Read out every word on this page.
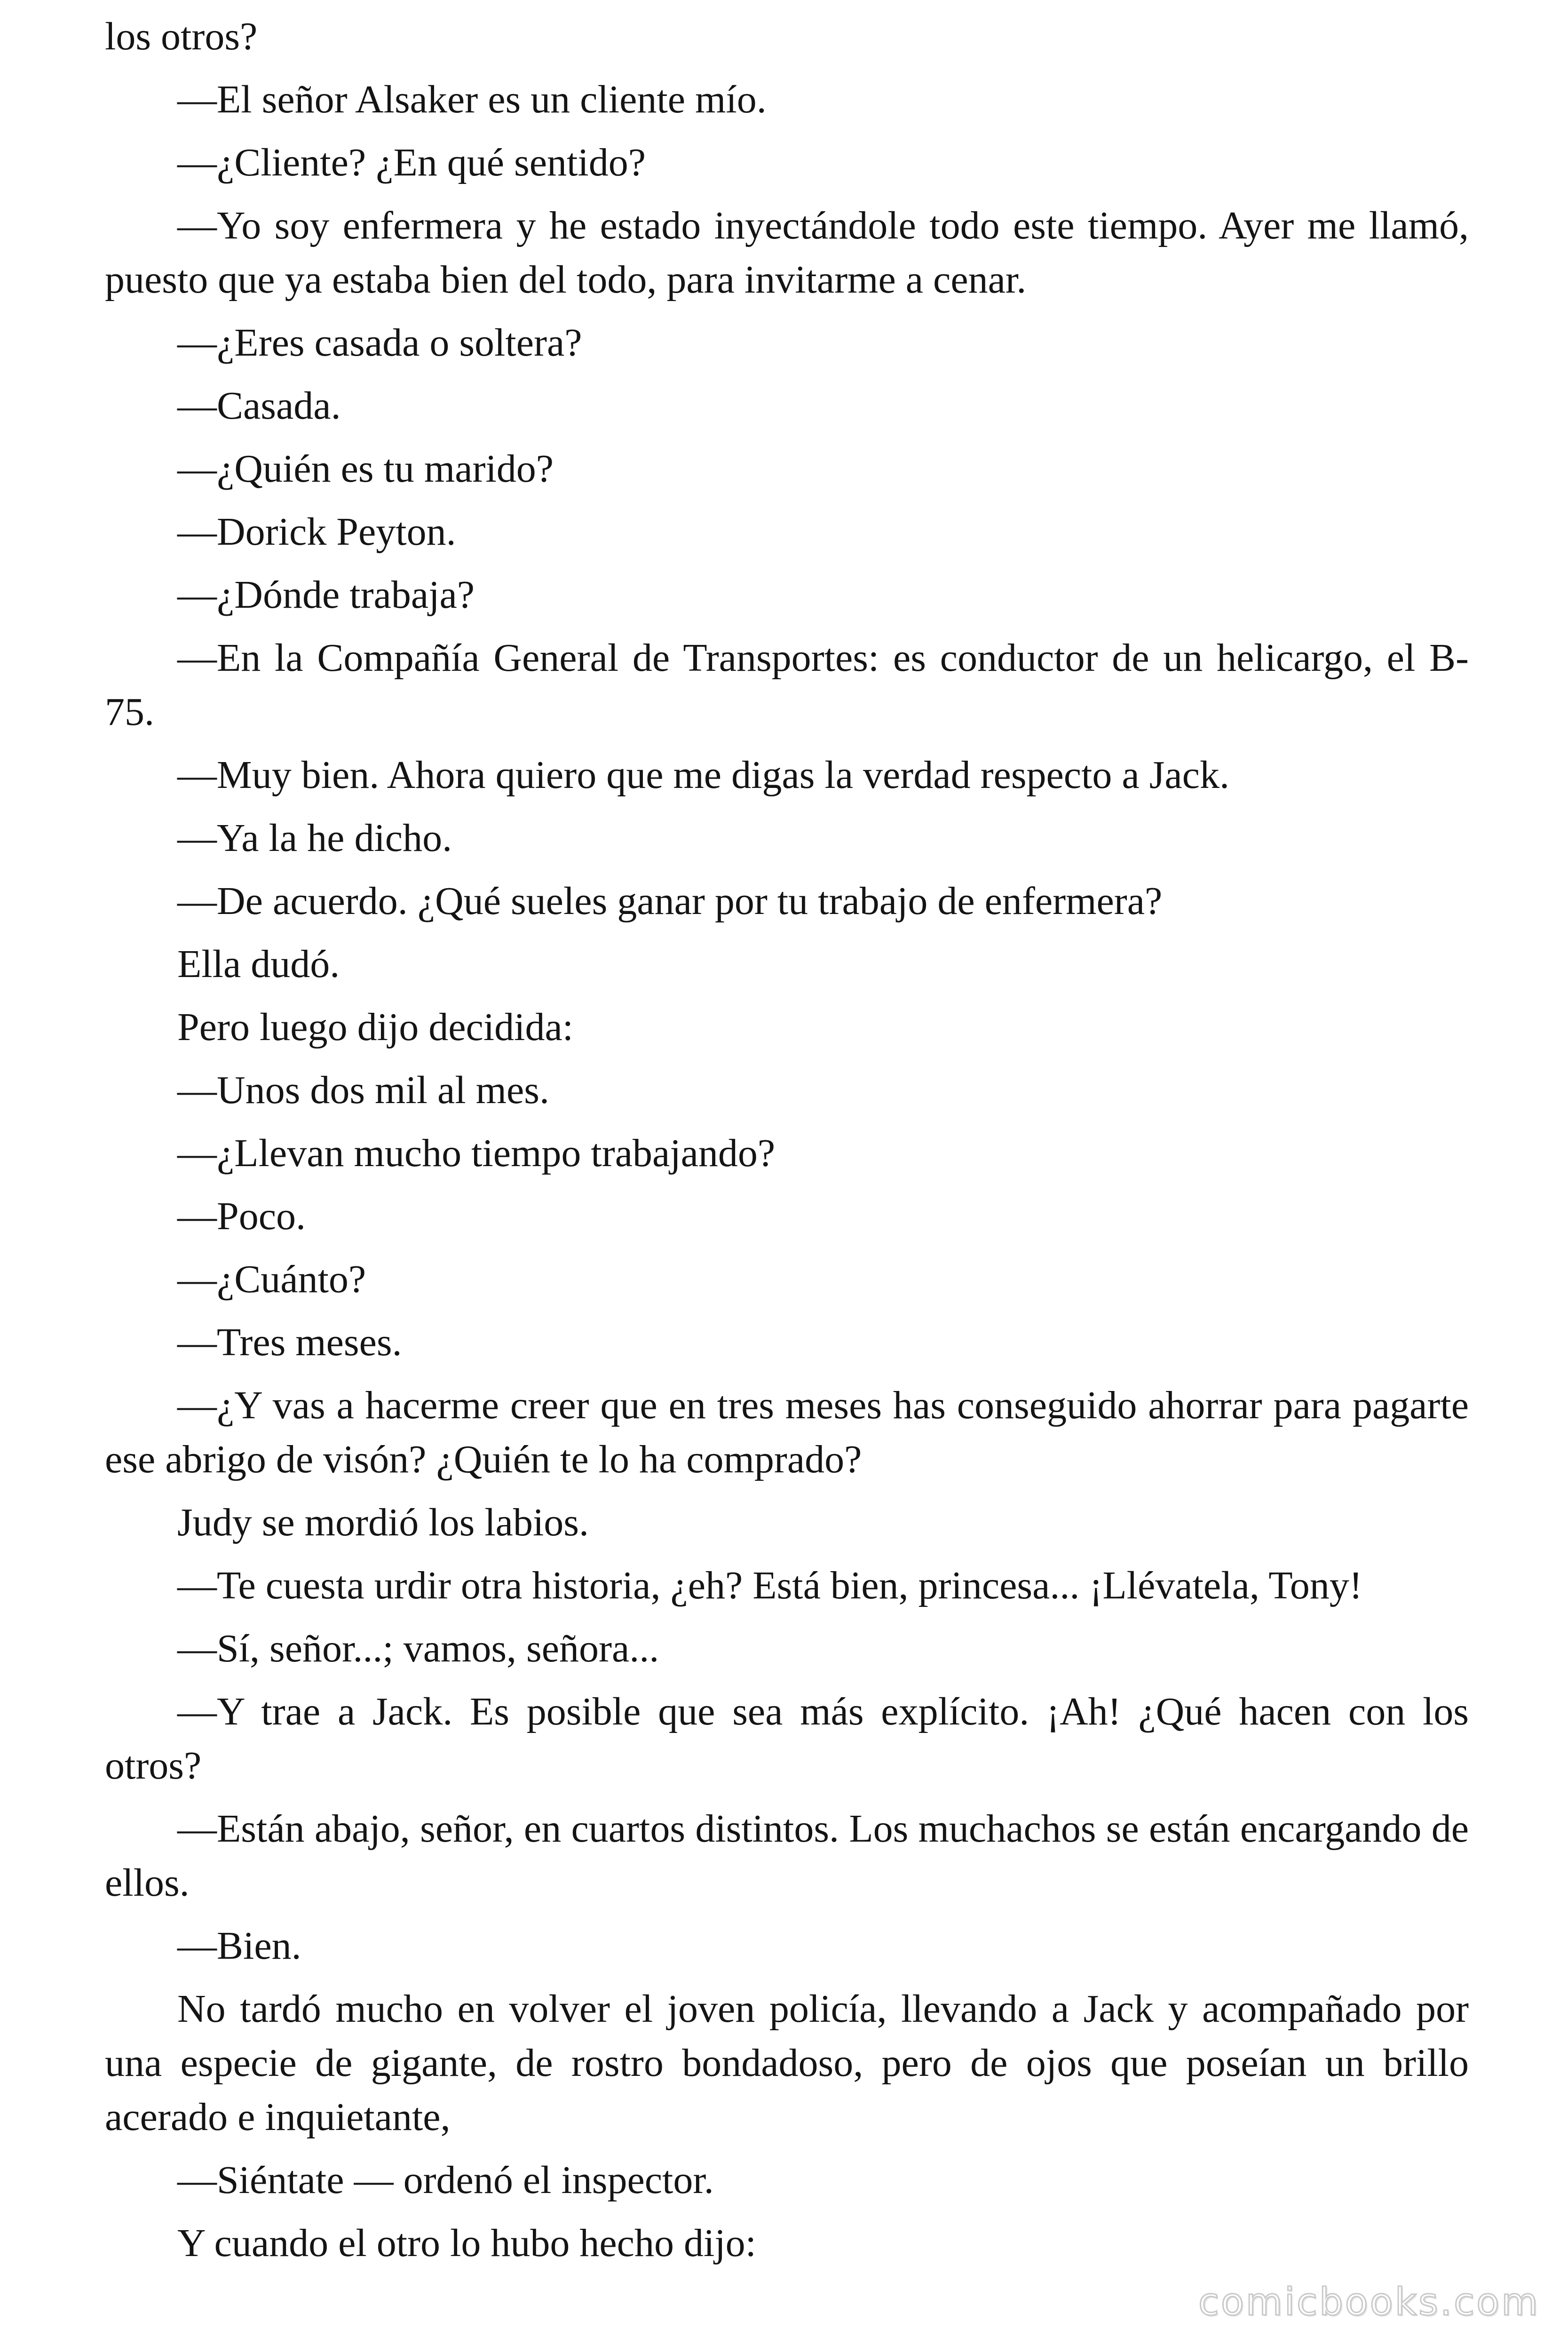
los otros?

—El señor Alsaker es un cliente mío.

—¿Cliente? ¿En qué sentido?

—Yo soy enfermera y he estado inyectándole todo este tiempo. Ayer me llamó, puesto que ya estaba bien del todo, para invitarme a cenar.

—¿Eres casada o soltera?

—Casada.

—¿Quién es tu marido?

—Dorick Peyton.

—¿Dónde trabaja?

—En la Compañía General de Transportes: es conductor de un helicargo, el B-75.

—Muy bien. Ahora quiero que me digas la verdad respecto a Jack.

—Ya la he dicho.

—De acuerdo. ¿Qué sueles ganar por tu trabajo de enfermera?

Ella dudó.

Pero luego dijo decidida:

—Unos dos mil al mes.

—¿Llevan mucho tiempo trabajando?

—Poco.

—¿Cuánto?

—Tres meses.

—¿Y vas a hacerme creer que en tres meses has conseguido ahorrar para pagarte ese abrigo de visón? ¿Quién te lo ha comprado?

Judy se mordió los labios.

—Te cuesta urdir otra historia, ¿eh? Está bien, princesa... ¡Llévatela, Tony!

—Sí, señor...; vamos, señora...

—Y trae a Jack. Es posible que sea más explícito. ¡Ah! ¿Qué hacen con los otros?

—Están abajo, señor, en cuartos distintos. Los muchachos se están encargando de ellos.

—Bien.

No tardó mucho en volver el joven policía, llevando a Jack y acompañado por una especie de gigante, de rostro bondadoso, pero de ojos que poseían un brillo acerado e inquietante,

—Siéntate — ordenó el inspector.

Y cuando el otro lo hubo hecho dijo:

comicbooks.com
